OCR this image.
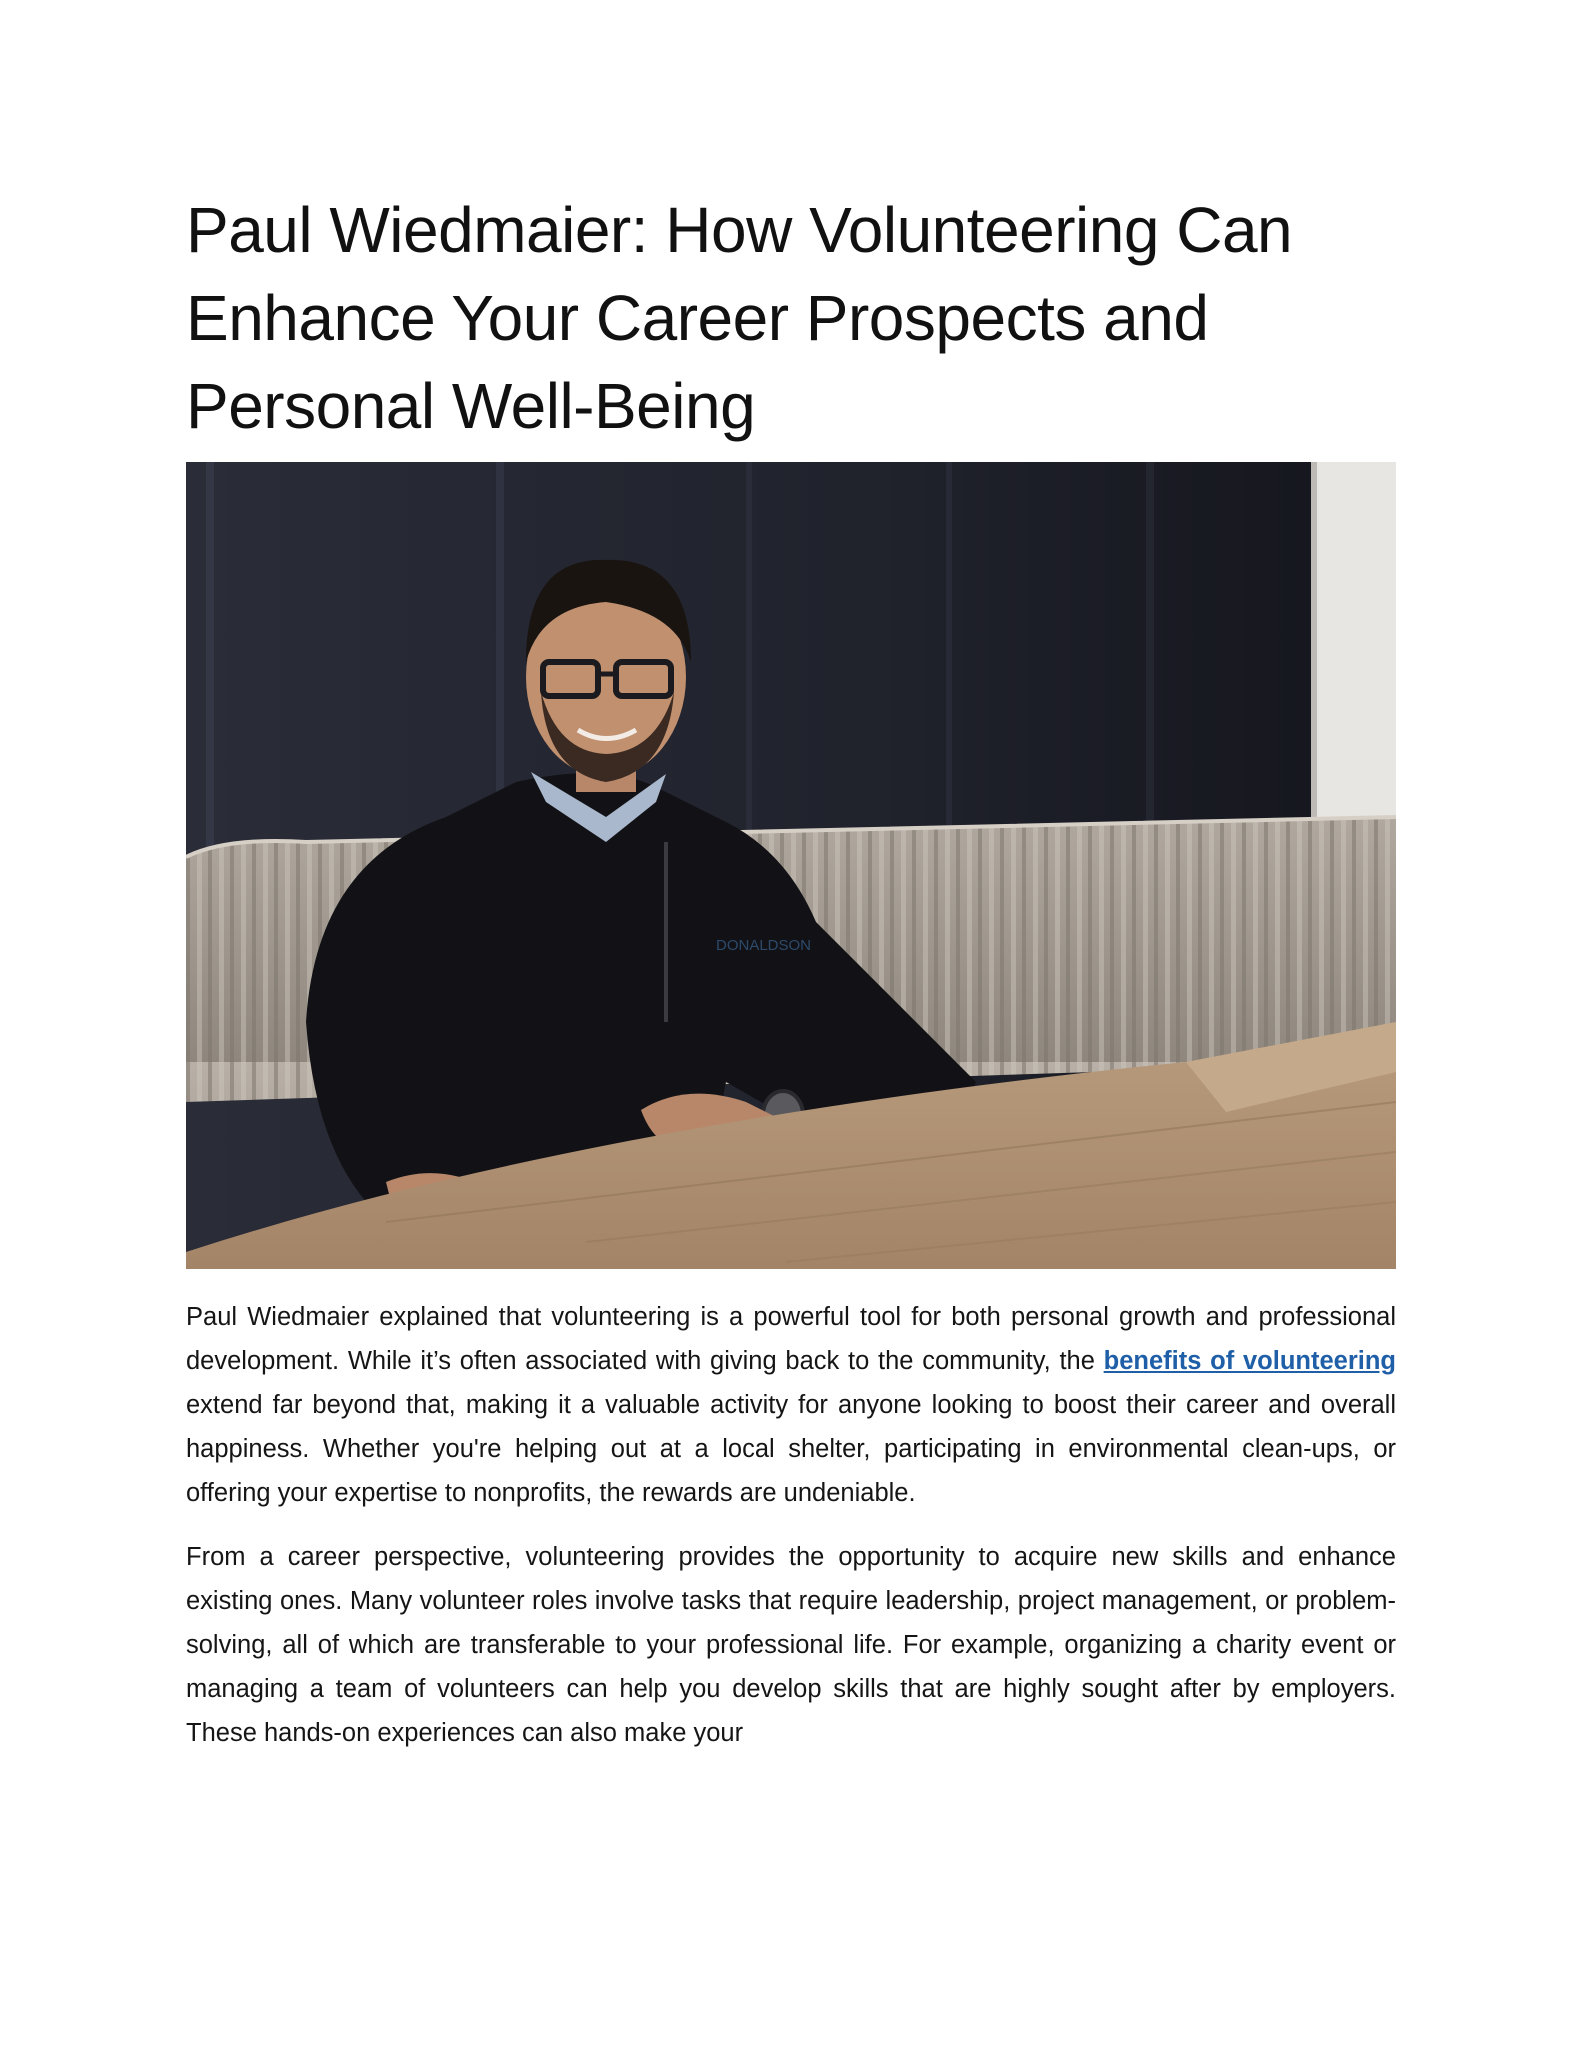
Paul Wiedmaier: How Volunteering Can Enhance Your Career Prospects and Personal Well-Being
DONALDSON

Paul Wiedmaier explained that volunteering is a powerful tool for both personal growth and professional development. While it’s often associated with giving back to the community, the benefits of volunteering extend far beyond that, making it a valuable activity for anyone looking to boost their career and overall happiness. Whether you're helping out at a local shelter, participating in environmental clean-ups, or offering your expertise to nonprofits, the rewards are undeniable.

From a career perspective, volunteering provides the opportunity to acquire new skills and enhance existing ones. Many volunteer roles involve tasks that require leadership, project management, or problem-solving, all of which are transferable to your professional life. For example, organizing a charity event or managing a team of volunteers can help you develop skills that are highly sought after by employers. These hands-on experiences can also make your
